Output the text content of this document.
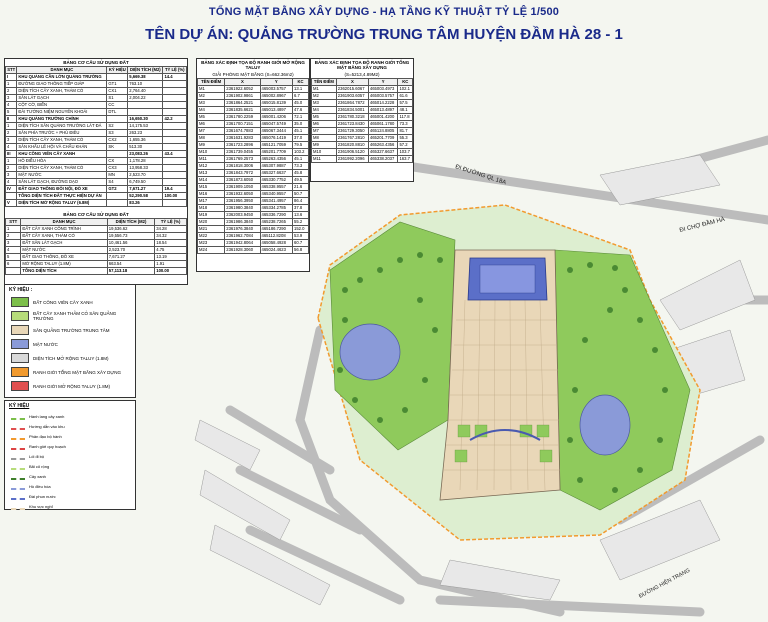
TỔNG MẶT BẰNG XÂY DỰNG - HẠ TẦNG KỸ THUẬT TỶ LỆ 1/500
TÊN DỰ ÁN: QUẢNG TRƯỜNG TRUNG TÂM HUYỆN ĐẦM HÀ 28 - 1
ĐI ĐƯỜNG QL 18A
ĐI CHỢ ĐẦM HÀ
ĐƯỜNG HIỆN TRẠNG
BẢNG CƠ CẤU SỬ DỤNG ĐẤT
STT	DANH MỤC	KÝ HIỆU	DIỆN TÍCH (M2)	TỶ LỆ (%)
I	KHU QUẢNG CẦN LỚN QUẢNG TRƯỜNG		5,669.38	14.4
1	ĐƯỜNG GIAO THÔNG TIẾP GIÁP	GT1	763.10	
2	DIỆN TÍCH CÂY XANH, THẢM CỎ	CX1	2,764.40	
3	SÂN LÁT GẠCH	S1	2,004.22	
4	CỘT CỜ, BIỂN	CC		
5	ĐÀI TƯỞNG NIỆM NGUYỄN KHOÁI	DTL		
II	KHU QUẢNG TRƯỜNG CHÍNH		16,650.30	42.2
1	DIỆN TÍCH SÂN QUẢNG TRƯỜNG LÁT ĐÁ	S2	14,175.53	
2	SÂN PHÍA TRƯỚC + PHÙ ĐIÊU	S3	263.23	
3	DIỆN TÍCH CÂY XANH, THẢM CỎ	CX2	1,655.36	
4	SÂN KHẤU LỄ HỘI VÀ CHẤU KHÁN	SK	513.30	
III	KHU CÔNG VIÊN CÂY XANH		23,083.26	43.4
1	HỒ ĐIỀU HÒA	CX	1,178.28	
2	DIỆN TÍCH CÂY XANH, THẢM CỎ	CX3	13,958.33	
3	MẶT NƯỚC	MN	2,523.70	
4	SÂN LÁT GẠCH, ĐƯỜNG DẠO	S4	6,749.50	
IV	ĐẤT GIAO THÔNG ĐỐI NỘI, ĐỖ XE	GT2	7,671.27	19.4
	TỔNG DIỆN TÍCH ĐẤT THỰC HIỆN DỰ ÁN		52,290.58	100.00
V	DIỆN TÍCH MỞ RỘNG TALUY (6.8M)		83.26	
BẢNG CƠ CẤU SỬ DỤNG ĐẤT
STT	DANH MỤC	DIỆN TÍCH (M2)	TỶ LỆ (%)
1	ĐẤT CÂY XANH CÔNG TRÌNH	19,536.62	34.28
2	ĐẤT CÂY XANH, THẢM CỎ	19,556.73	34.32
3	ĐẤT SÂN LÁT GẠCH	10,461.56	18.54
4	MẶT NƯỚC	2,523.70	4.75
5	ĐẤT GIAO THÔNG, ĐỖ XE	7,671.27	13.19
6	MỞ RỘNG TALUY (1.8M)	663.54	1.91
	TỔNG DIỆN TÍCH	57,113.18	100.00
BẢNG XÁC ĐỊNH TỌA ĐỘ RANH GIỚI MỞ RỘNG TALUY
GIẢI PHÓNG MẶT BẰNG (S=662.36m2)
TÊN ĐIỂM	X	Y	KC
M1	2361922.6052	465003.5757	13.1
M2	2361902.9861	465002.8967	6.7
M3	2361864.2521	465015.8139	45.0
M4	2361835.6621	465013.4897	47.6
M5	2361780.2259	465001.4206	72.1
M6	2361700.7151	465047.5749	35.0
M7	2361674.7883	465067.3444	45.1
M8	2361631.9283	465076.1419	37.0
M9	2361723.2896	465121.7059	79.5
M10	2361739.0455	465201.7709	103.2
M11	2361769.2573	465263.4356	45.1
M12	2361818.3006	465307.9887	73.3
M13	2361843.7972	465327.6637	45.8
M14	2361873.6050	465330.7752	49.5
M15	2361909.1050	465338.9557	21.6
M16	2361932.6050	465340.9557	50.7
M17	2361956.3950	465341.4957	86.4
M18	2361980.3840	465334.2785	37.8
M19	2362003.9450	465336.7290	13.6
M20	2361986.3840	465238.7265	55.2
M21	2361976.3840	465186.7290	152.0
M22	2361962.7084	465112.8208	53.9
M23	2361942.8064	465058.4928	60.7
M24	2361928.3060	465024.4623	56.8
BẢNG XÁC ĐỊNH TỌA ĐỘ RANH GIỚI TỔNG MẶT BẰNG XÂY DỰNG
(S=5213,4.89M2)
TÊN ĐIỂM	X	Y	KC
M1	2362015.6067	465003.4973	102.1
M2	2361903.6057	465003.5757	61.6
M3	2361864.7872	465014.2228	57.5
M4	2361834.5001	465013.4897	48.1
M5	2361780.3218	465001.4200	117.8
M6	2361723.8430	465061.1780	73.3
M7	2361729.3050	465124.8805	81.7
M8	2361767.2810	465201.7709	55.3
M9	2361820.8810	465263.4356	57.2
M10	2361906.5120	465327.6637	103.7
M11	2361992.2096	465338.2037	163.7
KÝ HIỆU :
ĐẤT CÔNG VIÊN CÂY XANH
ĐẤT CÂY XANH THẢM CỎ SÂN QUẢNG TRƯỜNG
SÂN QUẢNG TRƯỜNG TRUNG TÂM
MẶT NƯỚC
DIỆN TÍCH MỞ RỘNG TALUY (1.8M)
RANH GIỚI TỔNG MẶT BẰNG XÂY DỰNG
RANH GIỚI MỞ RỘNG TALUY (1.8M)
KÝ HIỆU
Hành lang cây xanh
Hướng dẫn vào khu
Phân đạo bộ hành
Ranh giới quy hoạch
Lối đi bộ
Bãi cỏ rộng
Cây xanh
Hồ điều hòa
Đài phun nước
Khu vực nghỉ
